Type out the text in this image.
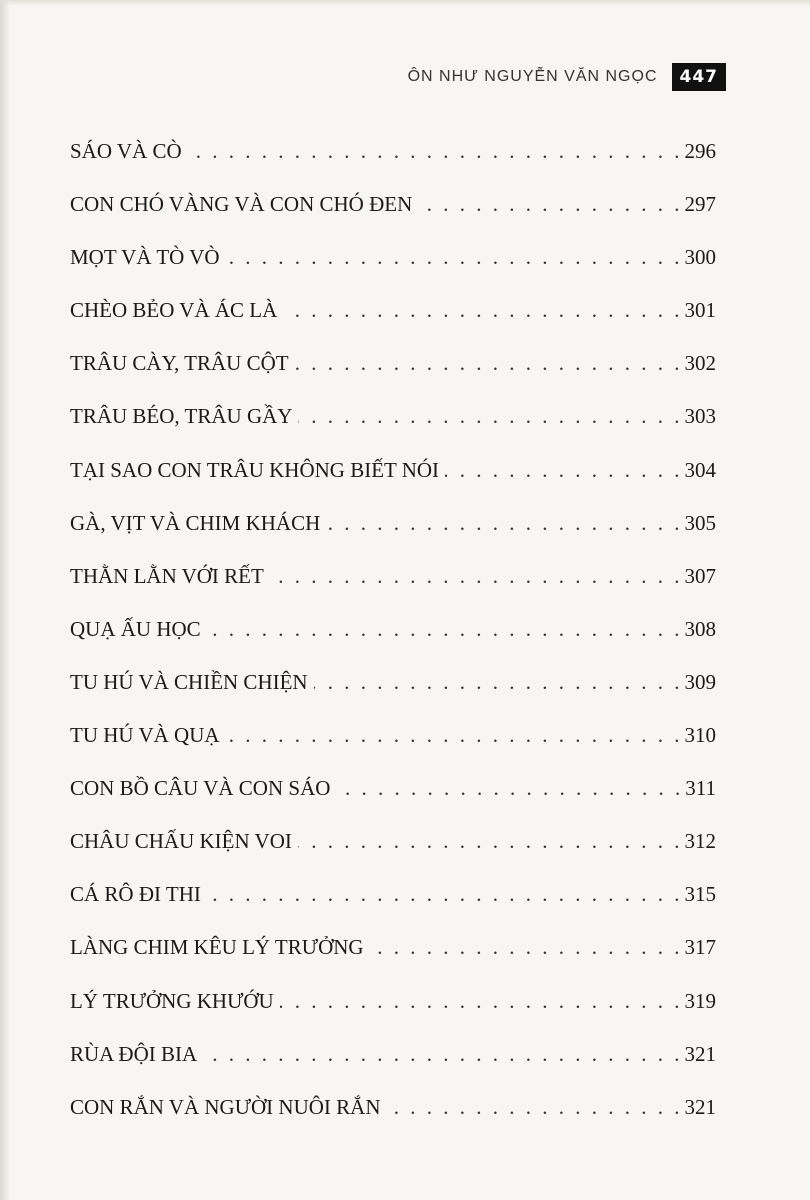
ÔN NHƯ NGUYỄN VĂN NGỌC	447
SÁO VÀ CÒ . . .	296
CON CHÓ VÀNG VÀ CON CHÓ ĐEN . . .	297
MỌT VÀ TÒ VÒ . . .	300
CHÈO BẺO VÀ ÁC LÀ . . .	301
TRÂU CÀY, TRÂU CỘT . . .	302
TRÂU BÉO, TRÂU GẦY . . .	303
TẠI SAO CON TRÂU KHÔNG BIẾT NÓI . . .	304
GÀ, VỊT VÀ CHIM KHÁCH . . .	305
THẰN LẰN VỚI RẾT . . .	307
QUẠ ẤU HỌC . . .	308
TU HÚ VÀ CHIỀN CHIỆN . . .	309
TU HÚ VÀ QUẠ . . .	310
CON BỒ CÂU VÀ CON SÁO . . .	311
CHÂU CHẤU KIỆN VOI . . .	312
CÁ RÔ ĐI THI . . .	315
LÀNG CHIM KÊU LÝ TRƯỞNG . . .	317
LÝ TRƯỞNG KHƯỚU . . .	319
RÙA ĐỘI BIA . . .	321
CON RẮN VÀ NGƯỜI NUÔI RẮN . . .	321
